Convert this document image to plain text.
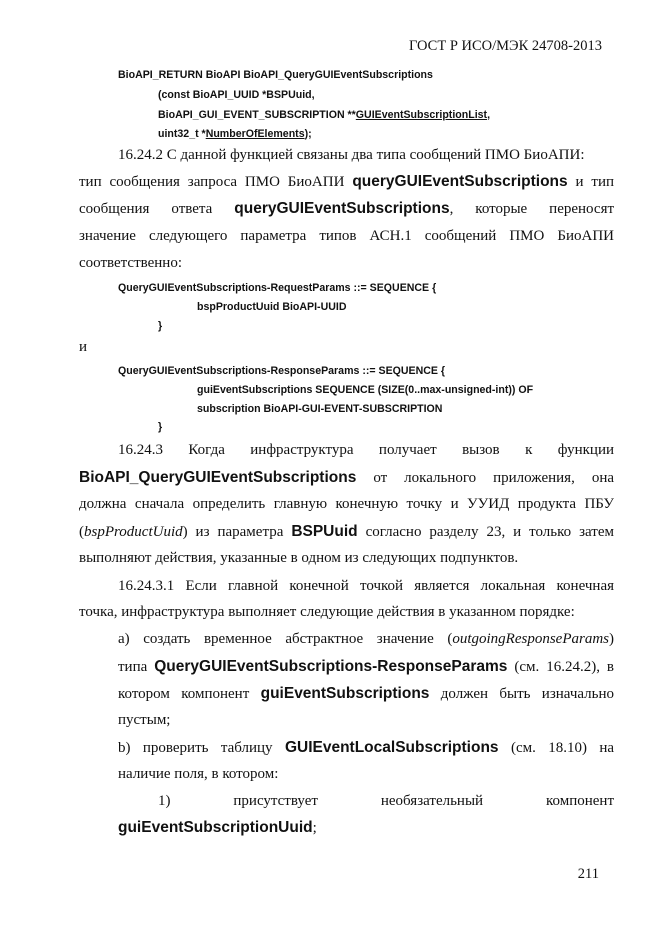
ГОСТ Р ИСО/МЭК 24708-2013
BioAPI_RETURN BioAPI BioAPI_QueryGUIEventSubscriptions
(const BioAPI_UUID *BSPUuid,
BioAPI_GUI_EVENT_SUBSCRIPTION **GUIEventSubscriptionList,
uint32_t *NumberOfElements);
16.24.2 С данной функцией связаны два типа сообщений ПМО БиоАПИ:
тип сообщения запроса ПМО БиоАПИ queryGUIEventSubscriptions и тип
сообщения ответа queryGUIEventSubscriptions, которые переносят
значение следующего параметра типов АСН.1 сообщений ПМО БиоАПИ
соответственно:
QueryGUIEventSubscriptions-RequestParams ::= SEQUENCE {
bspProductUuid BioAPI-UUID
}
и
QueryGUIEventSubscriptions-ResponseParams ::= SEQUENCE {
guiEventSubscriptions SEQUENCE (SIZE(0..max-unsigned-int)) OF
subscription BioAPI-GUI-EVENT-SUBSCRIPTION
}
16.24.3 Когда инфраструктура получает вызов к функции
BioAPI_QueryGUIEventSubscriptions от локального приложения, она
должна сначала определить главную конечную точку и УУИД продукта ПБУ
(bspProductUuid) из параметра BSPUuid согласно разделу 23, и только затем
выполняют действия, указанные в одном из следующих подпунктов.
16.24.3.1 Если главной конечной точкой является локальная конечная
точка, инфраструктура выполняет следующие действия в указанном порядке:
а) создать временное абстрактное значение (outgoingResponseParams)
типа QueryGUIEventSubscriptions-ResponseParams (см. 16.24.2), в
котором компонент guiEventSubscriptions должен быть изначально
пустым;
b) проверить таблицу GUIEventLocalSubscriptions (см. 18.10) на
наличие поля, в котором:
1) присутствует	необязательный	компонент
guiEventSubscriptionUuid;
211
